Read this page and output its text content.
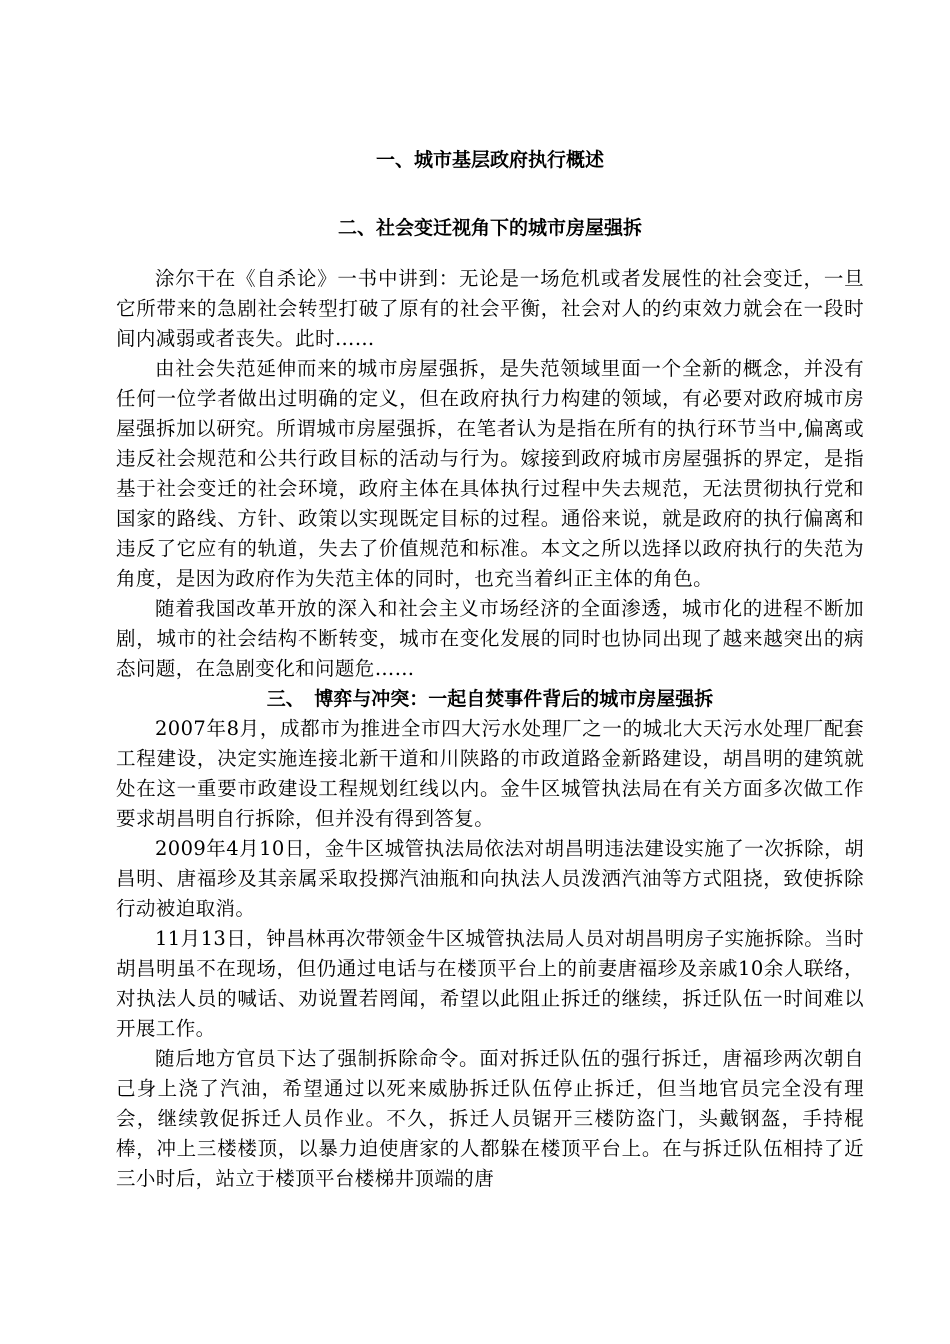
一、城市基层政府执行概述
二、社会变迁视角下的城市房屋强拆

涂尔干在《自杀论》一书中讲到：无论是一场危机或者发展性的社会变迁，一旦它所带来的急剧社会转型打破了原有的社会平衡，社会对人的约束效力就会在一段时间内减弱或者丧失。此时……

由社会失范延伸而来的城市房屋强拆，是失范领域里面一个全新的概念，并没有任何一位学者做出过明确的定义，但在政府执行力构建的领域，有必要对政府城市房屋强拆加以研究。所谓城市房屋强拆，在笔者认为是指在所有的执行环节当中,偏离或违反社会规范和公共行政目标的活动与行为。嫁接到政府城市房屋强拆的界定，是指基于社会变迁的社会环境，政府主体在具体执行过程中失去规范，无法贯彻执行党和国家的路线、方针、政策以实现既定目标的过程。通俗来说，就是政府的执行偏离和违反了它应有的轨道，失去了价值规范和标准。本文之所以选择以政府执行的失范为角度，是因为政府作为失范主体的同时，也充当着纠正主体的角色。

随着我国改革开放的深入和社会主义市场经济的全面渗透，城市化的进程不断加剧，城市的社会结构不断转变，城市在变化发展的同时也协同出现了越来越突出的病态问题，在急剧变化和问题危……

三、　博弈与冲突：一起自焚事件背后的城市房屋强拆

2007年8月，成都市为推进全市四大污水处理厂之一的城北大天污水处理厂配套工程建设，决定实施连接北新干道和川陕路的市政道路金新路建设，胡昌明的建筑就处在这一重要市政建设工程规划红线以内。金牛区城管执法局在有关方面多次做工作要求胡昌明自行拆除，但并没有得到答复。

2009年4月10日，金牛区城管执法局依法对胡昌明违法建设实施了一次拆除，胡昌明、唐福珍及其亲属采取投掷汽油瓶和向执法人员泼洒汽油等方式阻挠，致使拆除行动被迫取消。

11月13日，钟昌林再次带领金牛区城管执法局人员对胡昌明房子实施拆除。当时胡昌明虽不在现场，但仍通过电话与在楼顶平台上的前妻唐福珍及亲戚10余人联络，对执法人员的喊话、劝说置若罔闻，希望以此阻止拆迁的继续，拆迁队伍一时间难以开展工作。

随后地方官员下达了强制拆除命令。面对拆迁队伍的强行拆迁，唐福珍两次朝自己身上浇了汽油，希望通过以死来威胁拆迁队伍停止拆迁，但当地官员完全没有理会，继续敦促拆迁人员作业。不久，拆迁人员锯开三楼防盗门，头戴钢盔，手持棍棒，冲上三楼楼顶，以暴力迫使唐家的人都躲在楼顶平台上。在与拆迁队伍相持了近三小时后，站立于楼顶平台楼梯井顶端的唐
